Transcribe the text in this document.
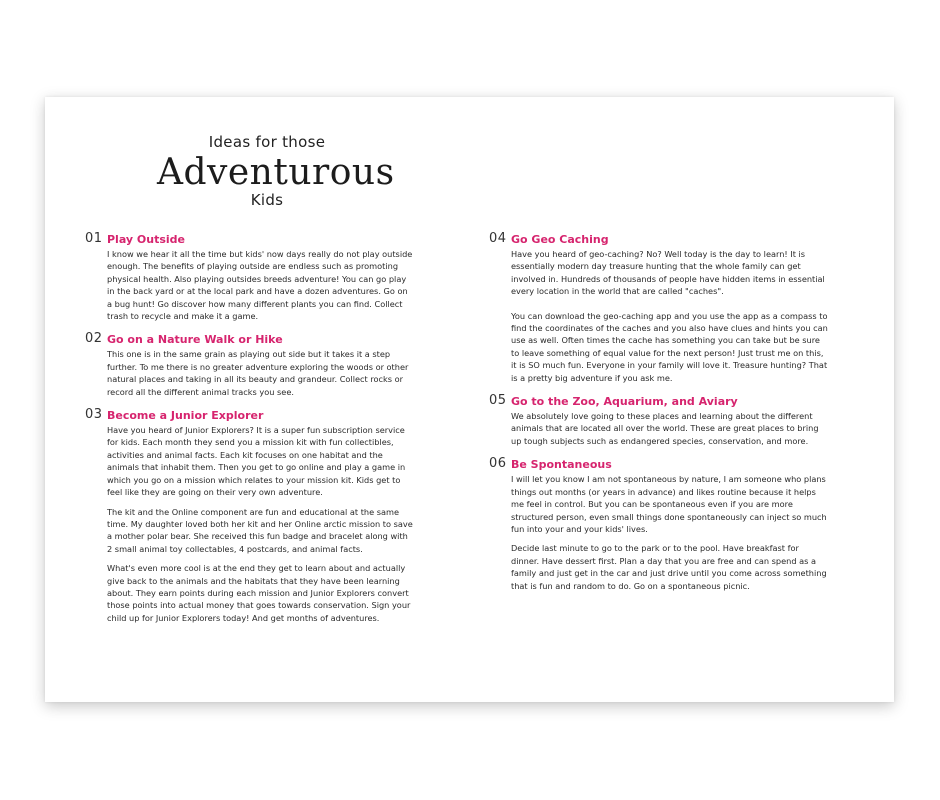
Ideas for those
Adventurous
Kids
01 Play Outside

I know we hear it all the time but kids' now days really do not play outside enough. The benefits of playing outside are endless such as promoting physical health. Also playing outsides breeds adventure! You can go play in the back yard or at the local park and have a dozen adventures. Go on a bug hunt! Go discover how many different plants you can find. Collect trash to recycle and make it a game.

02 Go on a Nature Walk or Hike

This one is in the same grain as playing out side but it takes it a step further. To me there is no greater adventure exploring the woods or other natural places and taking in all its beauty and grandeur. Collect rocks or record all the different animal tracks you see.

03 Become a Junior Explorer

Have you heard of Junior Explorers? It is a super fun subscription service for kids. Each month they send you a mission kit with fun collectibles, activities and animal facts. Each kit focuses on one habitat and the animals that inhabit them. Then you get to go online and play a game in which you go on a mission which relates to your mission kit. Kids get to feel like they are going on their very own adventure.

The kit and the Online component are fun and educational at the same time. My daughter loved both her kit and her Online arctic mission to save a mother polar bear. She received this fun badge and bracelet along with 2 small animal toy collectables, 4 postcards, and animal facts.

What's even more cool is at the end they get to learn about and actually give back to the animals and the habitats that they have been learning about. They earn points during each mission and Junior Explorers convert those points into actual money that goes towards conservation. Sign your child up for Junior Explorers today! And get months of adventures.

04 Go Geo Caching

Have you heard of geo-caching? No? Well today is the day to learn! It is essentially modern day treasure hunting that the whole family can get involved in. Hundreds of thousands of people have hidden items in essential every location in the world that are called "caches".

You can download the geo-caching app and you use the app as a compass to find the coordinates of the caches and you also have clues and hints you can use as well. Often times the cache has something you can take but be sure to leave something of equal value for the next person! Just trust me on this, it is SO much fun. Everyone in your family will love it. Treasure hunting? That is a pretty big adventure if you ask me.

05 Go to the Zoo, Aquarium, and Aviary

We absolutely love going to these places and learning about the different animals that are located all over the world. These are great places to bring up tough subjects such as endangered species, conservation, and more.

06 Be Spontaneous

I will let you know I am not spontaneous by nature, I am someone who plans things out months (or years in advance) and likes routine because it helps me feel in control. But you can be spontaneous even if you are more structured person, even small things done spontaneously can inject so much fun into your and your kids' lives.

Decide last minute to go to the park or to the pool. Have breakfast for dinner. Have dessert first. Plan a day that you are free and can spend as a family and just get in the car and just drive until you come across something that is fun and random to do. Go on a spontaneous picnic.
